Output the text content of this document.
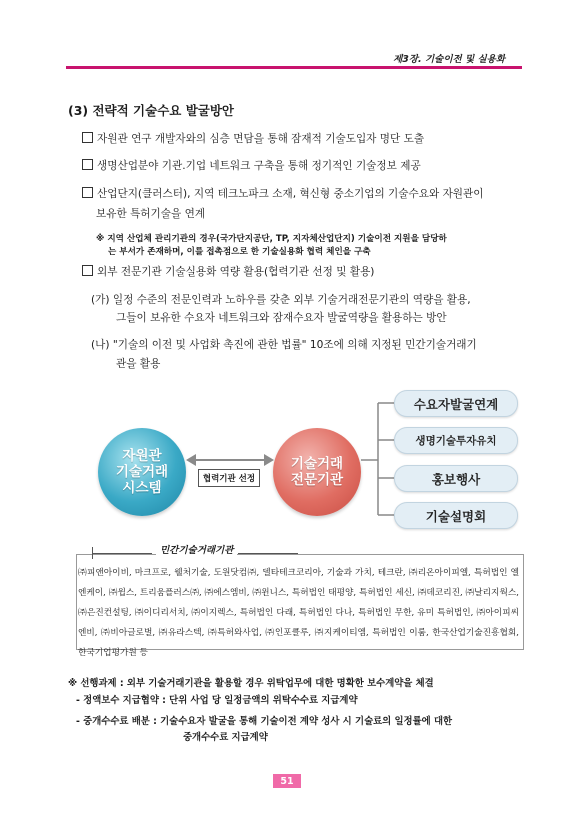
제3장. 기술이전 및 실용화
(3) 전략적 기술수요 발굴방안
자원관 연구 개발자와의 심층 면담을 통해 잠재적 기술도입자 명단 도출
생명산업분야 기관.기업 네트워크 구축을 통해 정기적인 기술정보 제공
산업단지(클러스터), 지역 테크노파크 소재, 혁신형 중소기업의 기술수요와 자원관이
보유한 특허기술을 연계
※ 지역 산업체 관리기관의 경우(국가단지공단, TP, 지자체산업단지) 기술이전 지원을 담당하
는 부서가 존재하며, 이를 접촉점으로 한 기술실용화 협력 체인을 구축
외부 전문기관 기술실용화 역량 활용(협력기관 선정 및 활용)
(가) 일정 수준의 전문인력과 노하우를 갖춘 외부 기술거래전문기관의 역량을 활용,
그들이 보유한 수요자 네트워크와 잠재수요자 발굴역량을 활용하는 방안
(나) "기술의 이전 및 사업화 촉진에 관한 법률" 10조에 의해 지정된 민간기술거래기
관을 활용
자원관
기술거래
시스템
협력기관 선정
기술거래
전문기관
수요자발굴연계
생명기술투자유치
홍보행사
기술설명회
민간기술거래기관
㈜피앤아이비, 마크프로, 웰처기술, 도원닷컴㈜, 델타테크코리아, 기술과 가치, 테크란, ㈜리온아이피엘, 특허법인 엘엔케이, ㈜윕스, 트리움플러스㈜, ㈜에스엠비, ㈜윈니스, 특허법인 태평양, 특허법인 세신, ㈜데코리진, ㈜날리지웍스, ㈜은진컨설팅, ㈜이디리서치, ㈜이지렉스, 특허법인 다래, 특허법인 다나, 특허법인 무한, 유미 특허법인, ㈜아이피씨엔비, ㈜비아글로벌, ㈜유라스텍, ㈜특허와사업, ㈜인포클루, ㈜지케이티엠, 특허법인 이룸, 한국산업기술진흥협회, 한국기업평가원 등
※ 선행과제 : 외부 기술거래기관을 활용할 경우 위탁업무에 대한 명확한 보수계약을 체결
- 정액보수 지급협약 : 단위 사업 당 일정금액의 위탁수수료 지급계약
- 중개수수료 배분 : 기술수요자 발굴을 통해 기술이전 계약 성사 시 기술료의 일정률에 대한
중개수수료 지급계약
51
